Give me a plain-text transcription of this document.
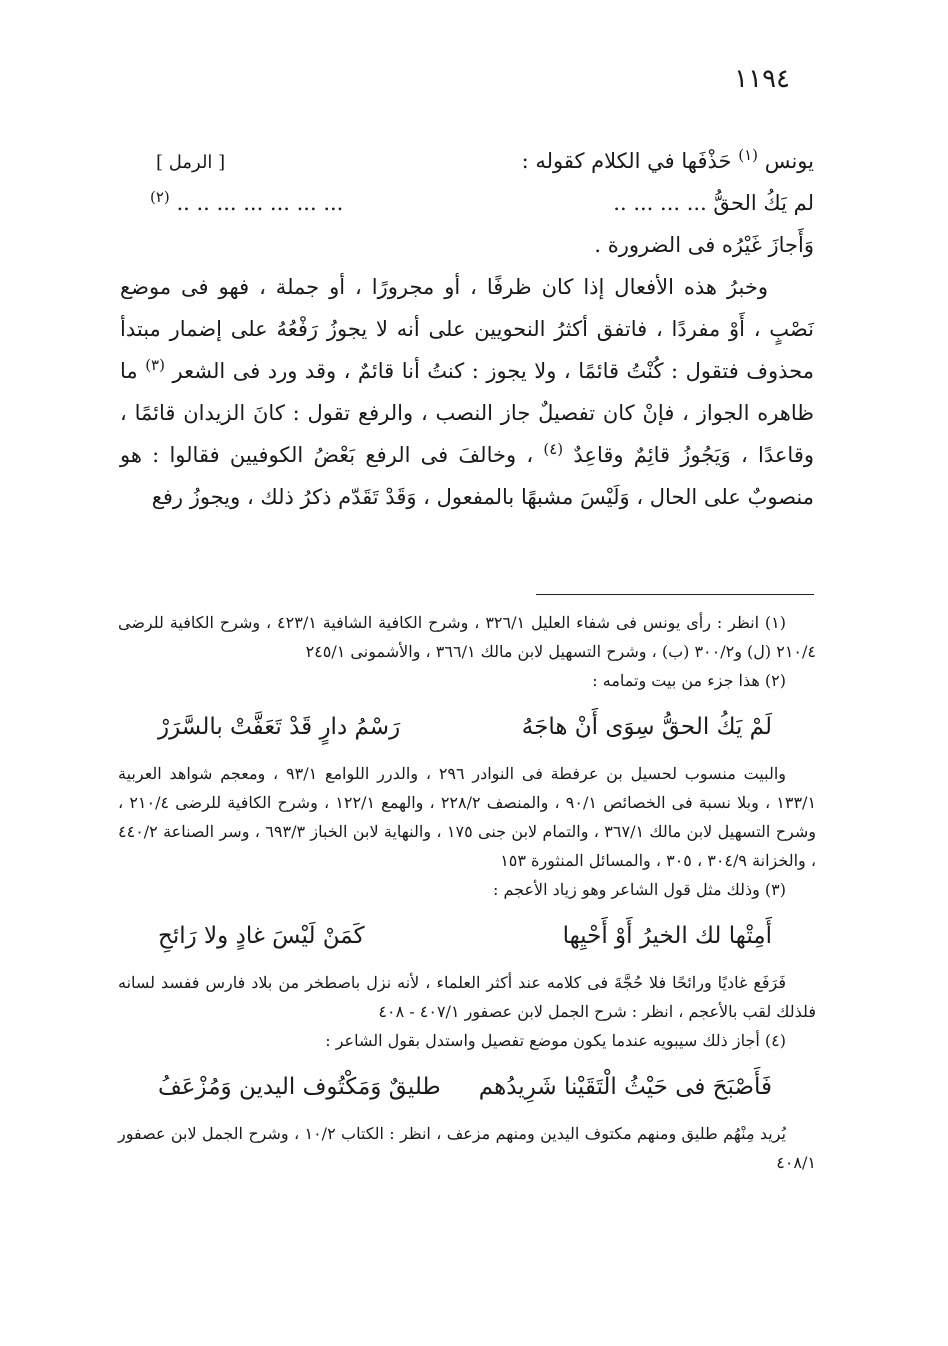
١١٩٤
يونس $^{(١)}$ حَذْفَها في الكلام كقوله :
[ الرمل ]
لم يَكُ الحقُّ ... ... ... ..
... ... ... ... ... .. .. $^{(٢)}$

وَأَجازَ غَيْرُه فى الضرورة .

وخبرُ هذه الأفعال إذا كان ظرفًا ، أو مجرورًا ، أو جملة ، فهو فى موضع نَصْبٍ ، أَوْ مفردًا ، فاتفق أكثرُ النحويين على أنه لا يجوزُ رَفْعُهُ على إضمار مبتدأ محذوف فتقول : كُنْتُ قائمًا ، ولا يجوز : كنتُ أنا قائمٌ ، وقد ورد فى الشعر $^{(٣)}$ ما ظاهره الجواز ، فإنْ كان تفصيلٌ جاز النصب ، والرفع تقول : كانَ الزيدان قائمًا ، وقاعدًا ، وَيَجُوزُ قائِمٌ وقاعِدٌ $^{(٤)}$ ، وخالفَ فى الرفع بَعْضُ الكوفيين فقالوا : هو منصوبٌ على الحال ، وَلَيْسَ مشبهًا بالمفعول ، وَقَدْ تَقَدّم ذكرُ ذلك ، ويجوزُ رفع

(١) انظر : رأى يونس فى شفاء العليل ٣٢٦/١ ، وشرح الكافية الشافية ٤٢٣/١ ، وشرح الكافية للرضى ٢١٠/٤ (ل) و٣٠٠/٢ (ب) ، وشرح التسهيل لابن مالك ٣٦٦/١ ، والأشمونى ٢٤٥/١

(٢) هذا جزء من بيت وتمامه :

لَمْ يَكُ الحقُّ سِوَى أَنْ هاجَهُ
رَسْمُ دارٍ قَدْ تَعَفَّتْ بالسَّرَرْ

والبيت منسوب لحسيل بن عرفطة فى النوادر ٢٩٦ ، والدرر اللوامع ٩٣/١ ، ومعجم شواهد العربية ١٣٣/١ ، وبلا نسبة فى الخصائص ٩٠/١ ، والمنصف ٢٢٨/٢ ، والهمع ١٢٢/١ ، وشرح الكافية للرضى ٢١٠/٤ ، وشرح التسهيل لابن مالك ٣٦٧/١ ، والتمام لابن جنى ١٧٥ ، والنهاية لابن الخباز ٦٩٣/٣ ، وسر الصناعة ٤٤٠/٢ ، والخزانة ٣٠٤/٩ ، ٣٠٥ ، والمسائل المنثورة ١٥٣

(٣) وذلك مثل قول الشاعر وهو زياد الأعجم :

أَمِتْها لك الخيرُ أَوْ أَحْيِها
كَمَنْ لَيْسَ غادٍ ولا رَائحِ

فَرَفَع غاديًا ورائحًا فلا حُجَّةَ فى كلامه عند أكثر العلماء ، لأنه نزل باصطخر من بلاد فارس ففسد لسانه فلذلك لقب بالأعجم ، انظر : شرح الجمل لابن عصفور ٤٠٧/١ - ٤٠٨

(٤) أجاز ذلك سيبويه عندما يكون موضع تفصيل واستدل بقول الشاعر :

فَأَصْبَحَ فى حَيْثُ الْتَقَيْنا شَرِيدُهم
طليقٌ وَمَكْتُوف اليدين وَمُزْعَفُ

يُريد مِنْهُم طليق ومنهم مكتوف اليدين ومنهم مزعف ، انظر : الكتاب ١٠/٢ ، وشرح الجمل لابن عصفور ٤٠٨/١
